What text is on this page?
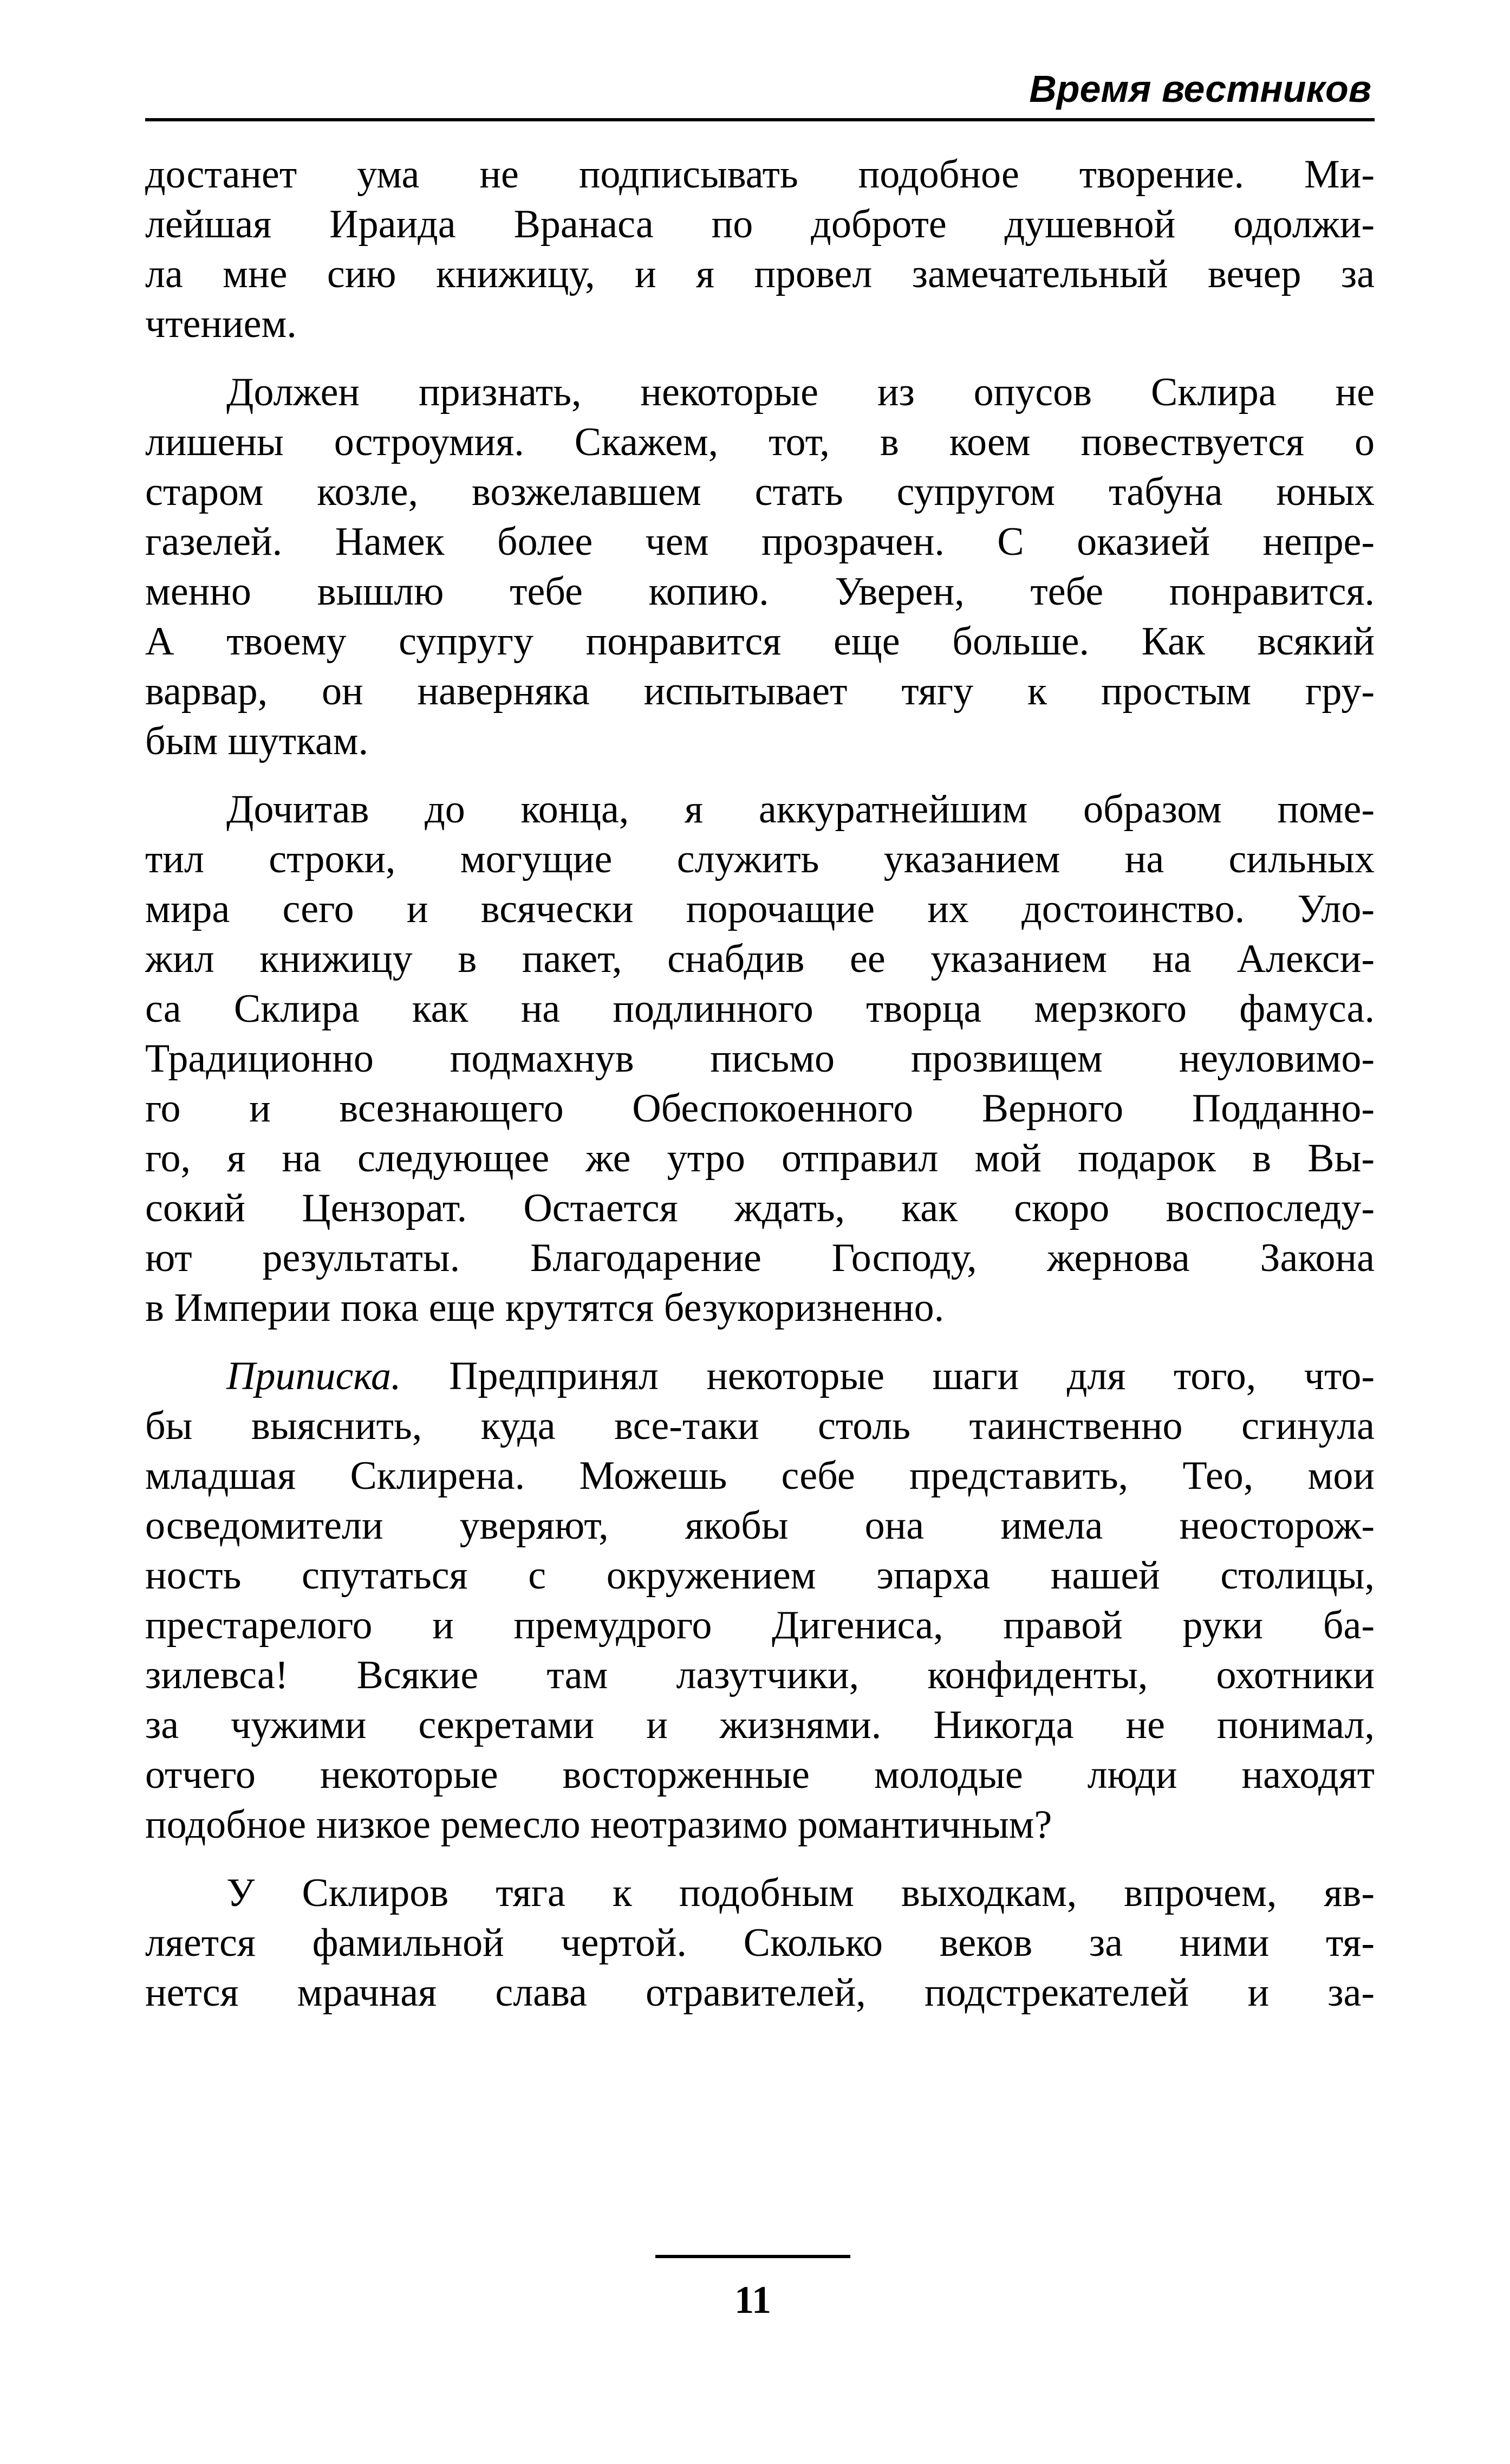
Время вестников
достанет ума не подписывать подобное творение. Ми-
лейшая Ираида Вранаса по доброте душевной одолжи-
ла мне сию книжицу, и я провел замечательный вечер за
чтением.
Должен признать, некоторые из опусов Склира не
лишены остроумия. Скажем, тот, в коем повествуется о
старом козле, возжелавшем стать супругом табуна юных
газелей. Намек более чем прозрачен. С оказией непре-
менно вышлю тебе копию. Уверен, тебе понравится.
А твоему супругу понравится еще больше. Как всякий
варвар, он наверняка испытывает тягу к простым гру-
бым шуткам.
Дочитав до конца, я аккуратнейшим образом поме-
тил строки, могущие служить указанием на сильных
мира сего и всячески порочащие их достоинство. Уло-
жил книжицу в пакет, снабдив ее указанием на Алекси-
са Склира как на подлинного творца мерзкого фамуса.
Традиционно подмахнув письмо прозвищем неуловимо-
го и всезнающего Обеспокоенного Верного Подданно-
го, я на следующее же утро отправил мой подарок в Вы-
сокий Цензорат. Остается ждать, как скоро воспоследу-
ют результаты. Благодарение Господу, жернова Закона
в Империи пока еще крутятся безукоризненно.
Приписка. Предпринял некоторые шаги для того, что-
бы выяснить, куда все-таки столь таинственно сгинула
младшая Склирена. Можешь себе представить, Тео, мои
осведомители уверяют, якобы она имела неосторож-
ность спутаться с окружением эпарха нашей столицы,
престарелого и премудрого Дигениса, правой руки ба-
зилевса! Всякие там лазутчики, конфиденты, охотники
за чужими секретами и жизнями. Никогда не понимал,
отчего некоторые восторженные молодые люди находят
подобное низкое ремесло неотразимо романтичным?
У Склиров тяга к подобным выходкам, впрочем, яв-
ляется фамильной чертой. Сколько веков за ними тя-
нется мрачная слава отравителей, подстрекателей и за-
11
